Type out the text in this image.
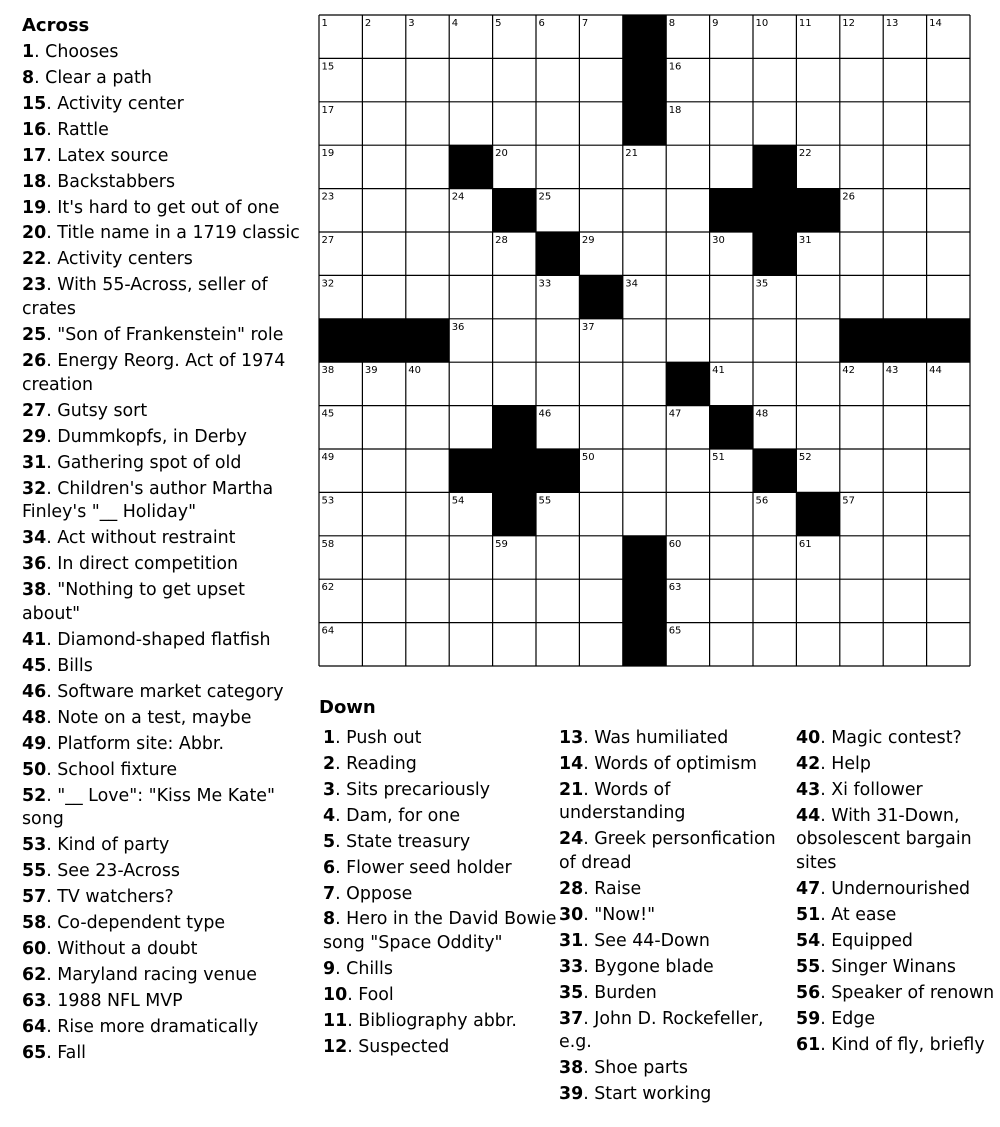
Across
1. Chooses
8. Clear a path
15. Activity center
16. Rattle
17. Latex source
18. Backstabbers
19. It's hard to get out of one
20. Title name in a 1719 classic
22. Activity centers
23. With 55-Across, seller of crates
25. "Son of Frankenstein" role
26. Energy Reorg. Act of 1974 creation
27. Gutsy sort
29. Dummkopfs, in Derby
31. Gathering spot of old
32. Children's author Martha Finley's "__ Holiday"
34. Act without restraint
36. In direct competition
38. "Nothing to get upset about"
41. Diamond-shaped flatfish
45. Bills
46. Software market category
48. Note on a test, maybe
49. Platform site: Abbr.
50. School fixture
52. "__ Love": "Kiss Me Kate" song
53. Kind of party
55. See 23-Across
57. TV watchers?
58. Co-dependent type
60. Without a doubt
62. Maryland racing venue
63. 1988 NFL MVP
64. Rise more dramatically
65. Fall
1	2	3	4	5	6	7	8	9	10	11	12	13	14
15	16
17	18
19	20	21	22
23	24	25	26
27	28	29	30	31
32	33	34	35
36	37
38	39	40	41	42	43	44
45	46	47	48
49	50	51	52
53	54	55	56	57
58	59	60	61
62	63
64	65
Down
1. Push out
2. Reading
3. Sits precariously
4. Dam, for one
5. State treasury
6. Flower seed holder
7. Oppose
8. Hero in the David Bowie song "Space Oddity"
9. Chills
10. Fool
11. Bibliography abbr.
12. Suspected
13. Was humiliated
14. Words of optimism
21. Words of understanding
24. Greek personfication of dread
28. Raise
30. "Now!"
31. See 44-Down
33. Bygone blade
35. Burden
37. John D. Rockefeller, e.g.
38. Shoe parts
39. Start working
40. Magic contest?
42. Help
43. Xi follower
44. With 31-Down, obsolescent bargain sites
47. Undernourished
51. At ease
54. Equipped
55. Singer Winans
56. Speaker of renown
59. Edge
61. Kind of fly, briefly
